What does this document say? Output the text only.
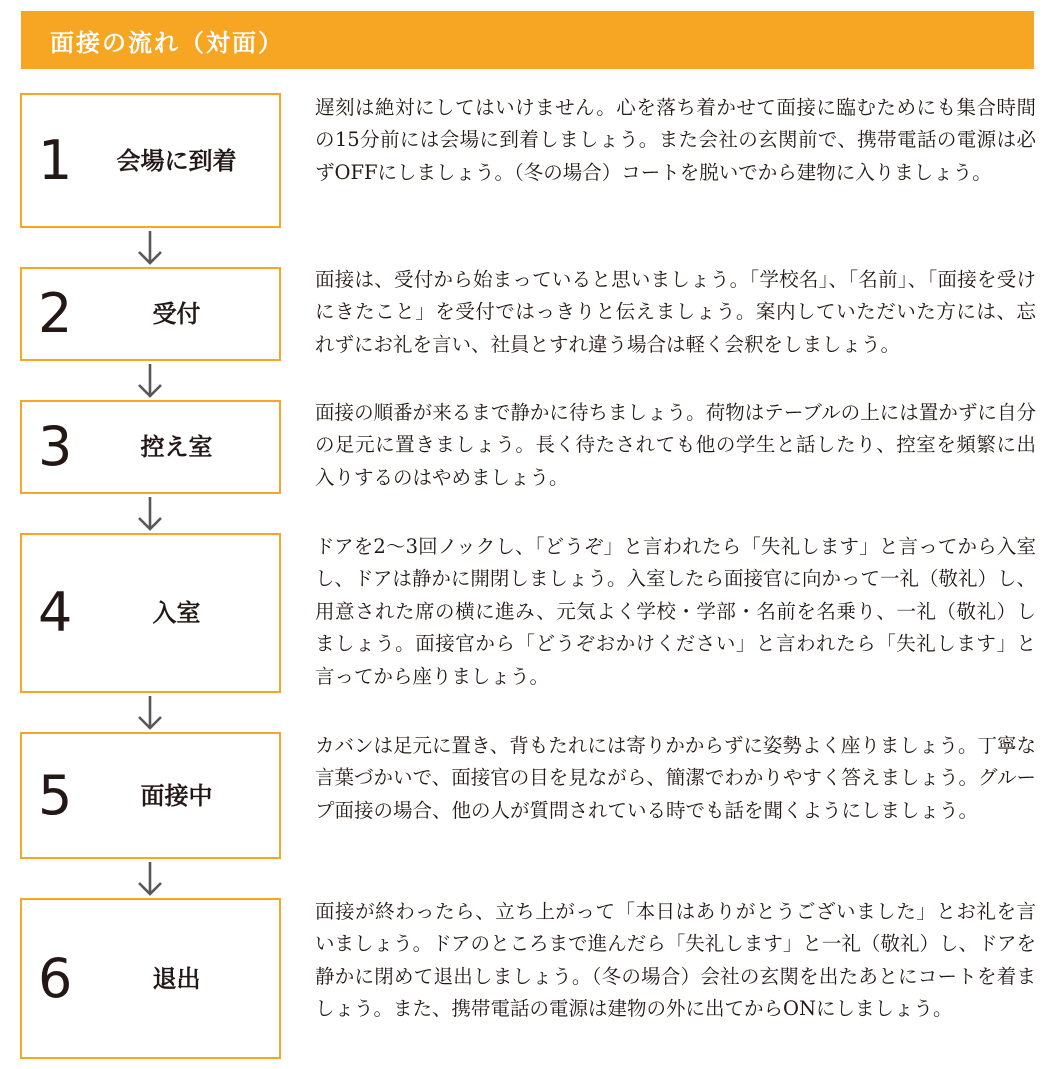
面接の流れ（対面）
1	会場に到着

遅刻は絶対にしてはいけません。心を落ち着かせて面接に臨むためにも集合時間の15分前には会場に到着しましょう。また会社の玄関前で、携帯電話の電源は必ずOFFにしましょう。（冬の場合）コートを脱いでから建物に入りましょう。

2	受付

面接は、受付から始まっていると思いましょう。「学校名」、「名前」、「面接を受けにきたこと」を受付ではっきりと伝えましょう。案内していただいた方には、忘れずにお礼を言い、社員とすれ違う場合は軽く会釈をしましょう。

3	控え室

面接の順番が来るまで静かに待ちましょう。荷物はテーブルの上には置かずに自分の足元に置きましょう。長く待たされても他の学生と話したり、控室を頻繁に出入りするのはやめましょう。

4	入室

ドアを2～3回ノックし、「どうぞ」と言われたら「失礼します」と言ってから入室し、ドアは静かに開閉しましょう。入室したら面接官に向かって一礼（敬礼）し、用意された席の横に進み、元気よく学校・学部・名前を名乗り、一礼（敬礼）しましょう。面接官から「どうぞおかけください」と言われたら「失礼します」と言ってから座りましょう。

5	面接中

カバンは足元に置き、背もたれには寄りかからずに姿勢よく座りましょう。丁寧な言葉づかいで、面接官の目を見ながら、簡潔でわかりやすく答えましょう。グループ面接の場合、他の人が質問されている時でも話を聞くようにしましょう。

6	退出

面接が終わったら、立ち上がって「本日はありがとうございました」とお礼を言いましょう。ドアのところまで進んだら「失礼します」と一礼（敬礼）し、ドアを静かに閉めて退出しましょう。（冬の場合）会社の玄関を出たあとにコートを着ましょう。また、携帯電話の電源は建物の外に出てからONにしましょう。
